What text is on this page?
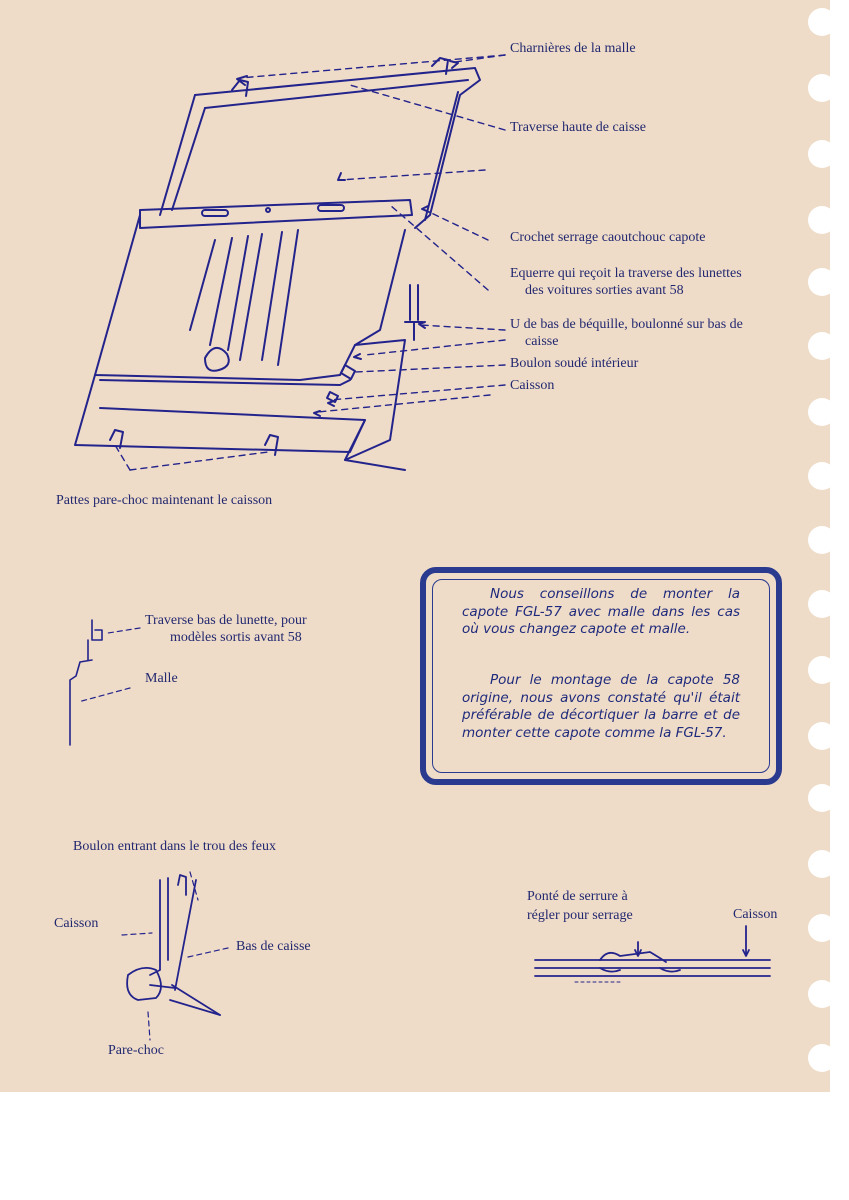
Charnières de la malle
Traverse haute de caisse
Crochet serrage caoutchouc capote
Equerre qui reçoit la traverse des lunettes
des voitures sorties avant 58
U de bas de béquille, boulonné sur bas de
caisse
Boulon soudé intérieur
Caisson
Pattes pare-choc maintenant le caisson
Traverse bas de lunette, pour
modèles sortis avant 58
Malle
Boulon entrant dans le trou des feux
Caisson
Bas de caisse
Pare-choc
Ponté de serrure à
régler pour serrage	Caisson
Nous conseillons de monter la capote FGL-57 avec malle dans les cas où vous changez capote et malle.
Pour le montage de la capote 58 origine, nous avons constaté qu'il était préférable de décortiquer la barre et de monter cette capote comme la FGL-57.
